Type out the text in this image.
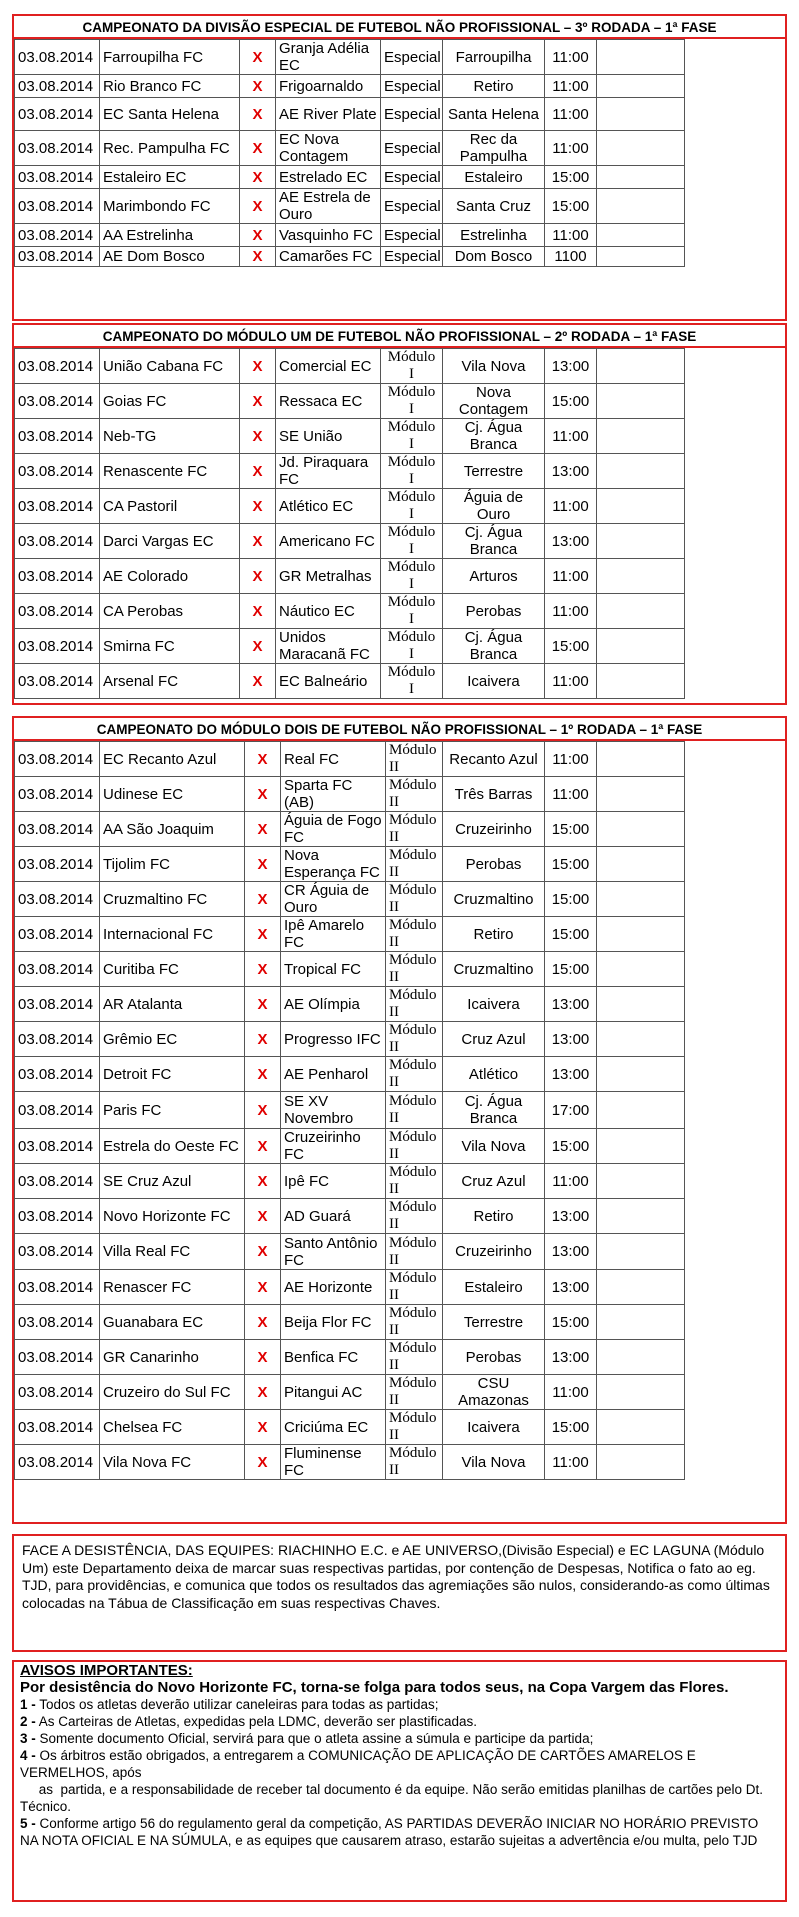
CAMPEONATO DA DIVISÃO ESPECIAL DE FUTEBOL NÃO PROFISSIONAL – 3º RODADA – 1ª FASE
03.08.2014	Farroupilha FC	X	Granja Adélia EC	Especial	Farroupilha	11:00	
03.08.2014	Rio Branco FC	X	Frigoarnaldo	Especial	Retiro	11:00	
03.08.2014	EC Santa Helena	X	AE River Plate	Especial	Santa Helena	11:00	
03.08.2014	Rec. Pampulha FC	X	EC Nova Contagem	Especial	Rec da Pampulha	11:00	
03.08.2014	Estaleiro EC	X	Estrelado EC	Especial	Estaleiro	15:00	
03.08.2014	Marimbondo FC	X	AE Estrela de Ouro	Especial	Santa Cruz	15:00	
03.08.2014	AA Estrelinha	X	Vasquinho FC	Especial	Estrelinha	11:00	
03.08.2014	AE Dom Bosco	X	Camarões FC	Especial	Dom Bosco	1100	
CAMPEONATO DO MÓDULO UM DE FUTEBOL NÃO PROFISSIONAL – 2º RODADA – 1ª FASE
03.08.2014	União Cabana FC	X	Comercial EC	Módulo I	Vila Nova	13:00	
03.08.2014	Goias FC	X	Ressaca EC	Módulo I	Nova Contagem	15:00	
03.08.2014	Neb-TG	X	SE União	Módulo I	Cj. Água Branca	11:00	
03.08.2014	Renascente FC	X	Jd. Piraquara FC	Módulo I	Terrestre	13:00	
03.08.2014	CA Pastoril	X	Atlético EC	Módulo I	Águia de Ouro	11:00	
03.08.2014	Darci Vargas EC	X	Americano FC	Módulo I	Cj. Água Branca	13:00	
03.08.2014	AE Colorado	X	GR Metralhas	Módulo I	Arturos	11:00	
03.08.2014	CA Perobas	X	Náutico EC	Módulo I	Perobas	11:00	
03.08.2014	Smirna FC	X	Unidos Maracanã FC	Módulo I	Cj. Água Branca	15:00	
03.08.2014	Arsenal FC	X	EC Balneário	Módulo I	Icaivera	11:00	
CAMPEONATO DO MÓDULO DOIS DE FUTEBOL NÃO PROFISSIONAL – 1º RODADA – 1ª FASE
03.08.2014	EC Recanto Azul	X	Real FC	Módulo II	Recanto Azul	11:00	
03.08.2014	Udinese EC	X	Sparta FC (AB)	Módulo II	Três Barras	11:00	
03.08.2014	AA São Joaquim	X	Águia de Fogo FC	Módulo II	Cruzeirinho	15:00	
03.08.2014	Tijolim FC	X	Nova Esperança FC	Módulo II	Perobas	15:00	
03.08.2014	Cruzmaltino FC	X	CR Águia de Ouro	Módulo II	Cruzmaltino	15:00	
03.08.2014	Internacional FC	X	Ipê Amarelo FC	Módulo II	Retiro	15:00	
03.08.2014	Curitiba FC	X	Tropical FC	Módulo II	Cruzmaltino	15:00	
03.08.2014	AR Atalanta	X	AE Olímpia	Módulo II	Icaivera	13:00	
03.08.2014	Grêmio EC	X	Progresso IFC	Módulo II	Cruz Azul	13:00	
03.08.2014	Detroit FC	X	AE Penharol	Módulo II	Atlético	13:00	
03.08.2014	Paris FC	X	SE XV Novembro	Módulo II	Cj. Água Branca	17:00	
03.08.2014	Estrela do Oeste FC	X	Cruzeirinho FC	Módulo II	Vila Nova	15:00	
03.08.2014	SE Cruz Azul	X	Ipê FC	Módulo II	Cruz Azul	11:00	
03.08.2014	Novo Horizonte FC	X	AD Guará	Módulo II	Retiro	13:00	
03.08.2014	Villa Real FC	X	Santo Antônio FC	Módulo II	Cruzeirinho	13:00	
03.08.2014	Renascer FC	X	AE Horizonte	Módulo II	Estaleiro	13:00	
03.08.2014	Guanabara EC	X	Beija Flor FC	Módulo II	Terrestre	15:00	
03.08.2014	GR Canarinho	X	Benfica FC	Módulo II	Perobas	13:00	
03.08.2014	Cruzeiro do Sul FC	X	Pitangui AC	Módulo II	CSU Amazonas	11:00	
03.08.2014	Chelsea FC	X	Criciúma EC	Módulo II	Icaivera	15:00	
03.08.2014	Vila Nova FC	X	Fluminense FC	Módulo II	Vila Nova	11:00	
FACE A DESISTÊNCIA, DAS EQUIPES: RIACHINHO E.C. e AE UNIVERSO,(Divisão Especial) e EC LAGUNA (Módulo Um) este Departamento deixa de marcar suas respectivas partidas, por contenção de Despesas, Notifica o fato ao eg. TJD, para providências, e comunica que todos os resultados das agremiações são nulos, considerando-as como últimas colocadas na Tábua de Classificação em suas respectivas Chaves.

AVISOS IMPORTANTES:

Por desistência do Novo Horizonte FC, torna-se folga para todos seus, na Copa Vargem das Flores.

1 - Todos os atletas deverão utilizar caneleiras para todas as partidas;

2 - As Carteiras de Atletas, expedidas pela LDMC, deverão ser plastificadas.

3 - Somente documento Oficial, servirá para que o atleta assine a súmula e participe da partida;

4 - Os árbitros estão obrigados, a entregarem a COMUNICAÇÃO DE APLICAÇÃO DE CARTÕES AMARELOS E VERMELHOS, após

as  partida, e a responsabilidade de receber tal documento é da equipe. Não serão emitidas planilhas de cartões pelo Dt. Técnico.

5 - Conforme artigo 56 do regulamento geral da competição, AS PARTIDAS DEVERÃO INICIAR NO HORÁRIO PREVISTO NA NOTA OFICIAL E NA SÚMULA, e as equipes que causarem atraso, estarão sujeitas a advertência e/ou multa, pelo TJD
